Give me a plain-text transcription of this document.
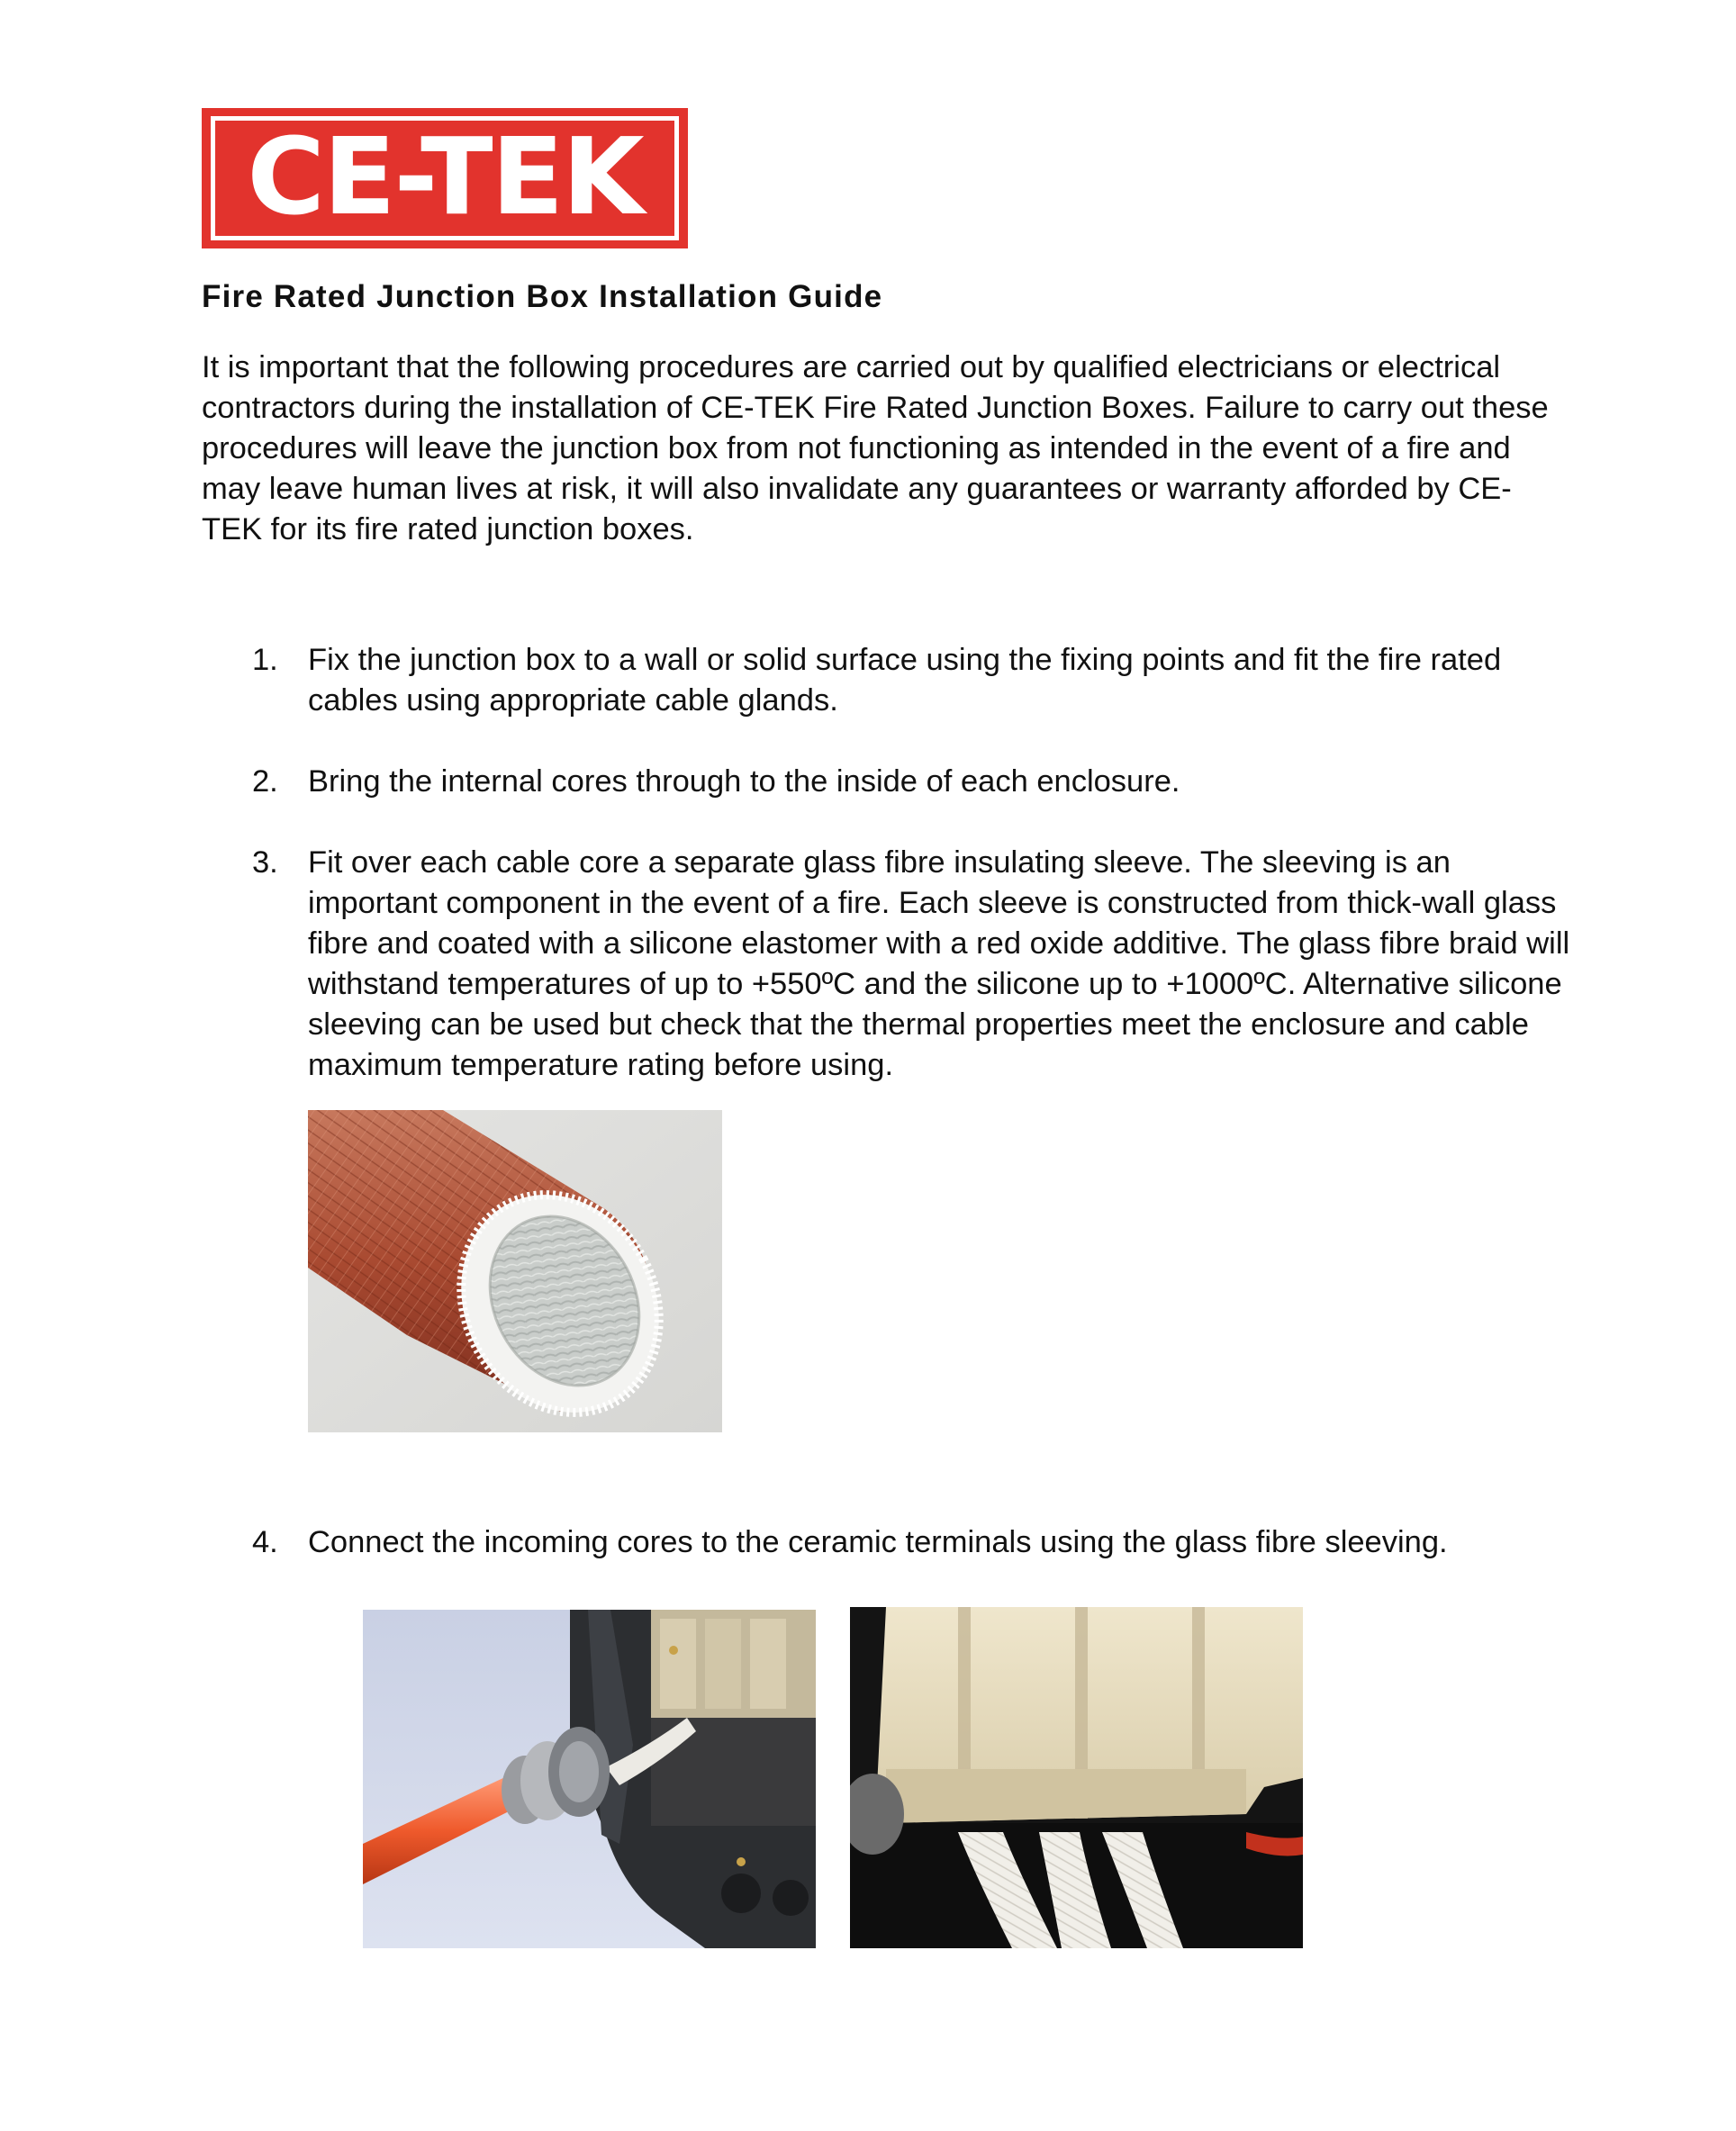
CE-TEK
Fire Rated Junction Box Installation Guide

It is important that the following procedures are carried out by qualified electricians or electrical contractors during the installation of CE-TEK Fire Rated Junction Boxes. Failure to carry out these procedures will leave the junction box from not functioning as intended in the event of a fire and may leave human lives at risk, it will also invalidate any guarantees or warranty afforded by CE-TEK for its fire rated junction boxes.

1. Fix the junction box to a wall or solid surface using the fixing points and fit the fire rated cables using appropriate cable glands.
2. Bring the internal cores through to the inside of each enclosure.
3. Fit over each cable core a separate glass fibre insulating sleeve. The sleeving is an important component in the event of a fire. Each sleeve is constructed from thick-wall glass fibre and coated with a silicone elastomer with a red oxide additive. The glass fibre braid will withstand temperatures of up to +550ºC and the silicone up to +1000ºC. Alternative silicone sleeving can be used but check that the thermal properties meet the enclosure and cable maximum temperature rating before using.
4. Connect the incoming cores to the ceramic terminals using the glass fibre sleeving.
